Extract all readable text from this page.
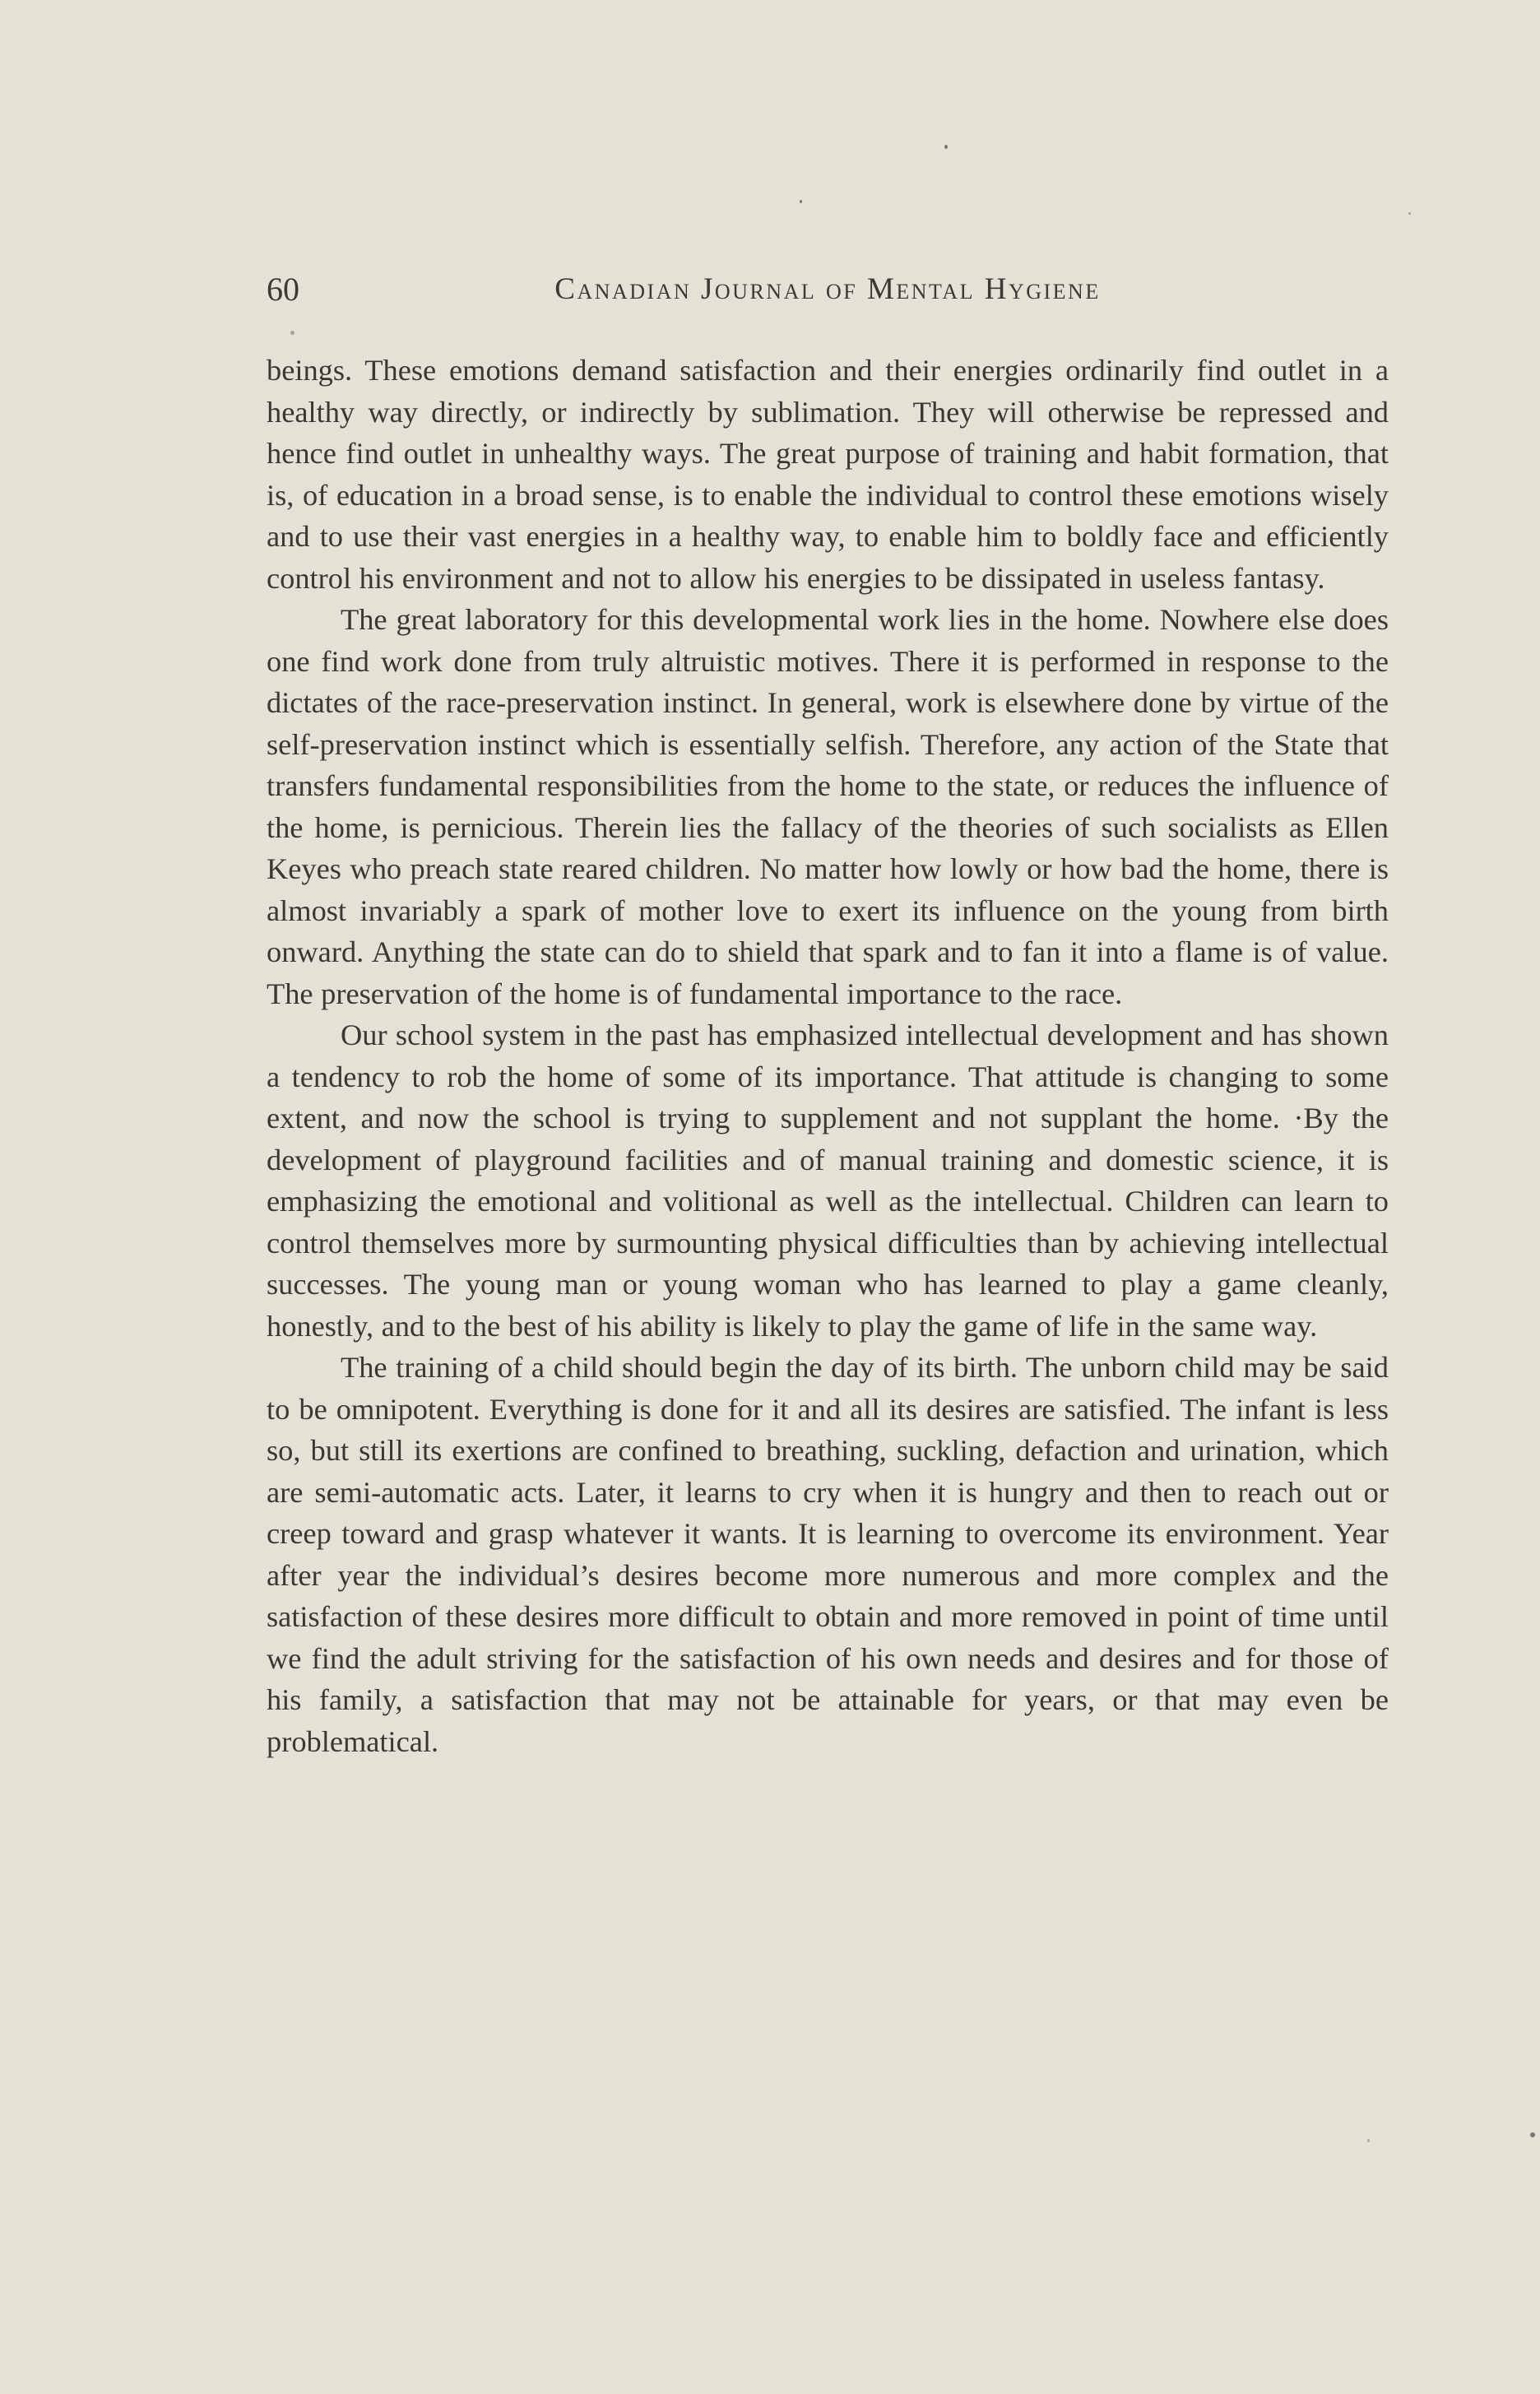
60	Canadian Journal of Mental Hygiene

beings. These emotions demand satisfaction and their energies ordinarily find outlet in a healthy way directly, or indirectly by sublimation. They will otherwise be repressed and hence find outlet in unhealthy ways. The great purpose of training and habit formation, that is, of education in a broad sense, is to enable the individual to control these emotions wisely and to use their vast energies in a healthy way, to enable him to boldly face and efficiently control his environment and not to allow his energies to be dissipated in useless fantasy.

The great laboratory for this developmental work lies in the home. Nowhere else does one find work done from truly altruistic motives. There it is performed in response to the dictates of the race-preservation instinct. In general, work is elsewhere done by virtue of the self-preservation instinct which is essentially selfish. Therefore, any action of the State that transfers fundamental responsibilities from the home to the state, or reduces the influence of the home, is pernicious. Therein lies the fallacy of the theories of such socialists as Ellen Keyes who preach state reared children. No matter how lowly or how bad the home, there is almost invariably a spark of mother love to exert its influence on the young from birth onward. Anything the state can do to shield that spark and to fan it into a flame is of value. The preservation of the home is of fundamental importance to the race.

Our school system in the past has emphasized intellectual development and has shown a tendency to rob the home of some of its importance. That attitude is changing to some extent, and now the school is trying to supplement and not supplant the home. ·By the development of playground facilities and of manual training and domestic science, it is emphasizing the emotional and volitional as well as the intellectual. Children can learn to control themselves more by surmounting physical difficulties than by achieving intellectual successes. The young man or young woman who has learned to play a game cleanly, honestly, and to the best of his ability is likely to play the game of life in the same way.

The training of a child should begin the day of its birth. The unborn child may be said to be omnipotent. Everything is done for it and all its desires are satisfied. The infant is less so, but still its exertions are confined to breathing, suckling, defaction and urination, which are semi-automatic acts. Later, it learns to cry when it is hungry and then to reach out or creep toward and grasp whatever it wants. It is learning to overcome its environment. Year after year the individual’s desires become more numerous and more complex and the satisfaction of these desires more difficult to obtain and more removed in point of time until we find the adult striving for the satisfaction of his own needs and desires and for those of his family, a satisfaction that may not be attainable for years, or that may even be problematical.
